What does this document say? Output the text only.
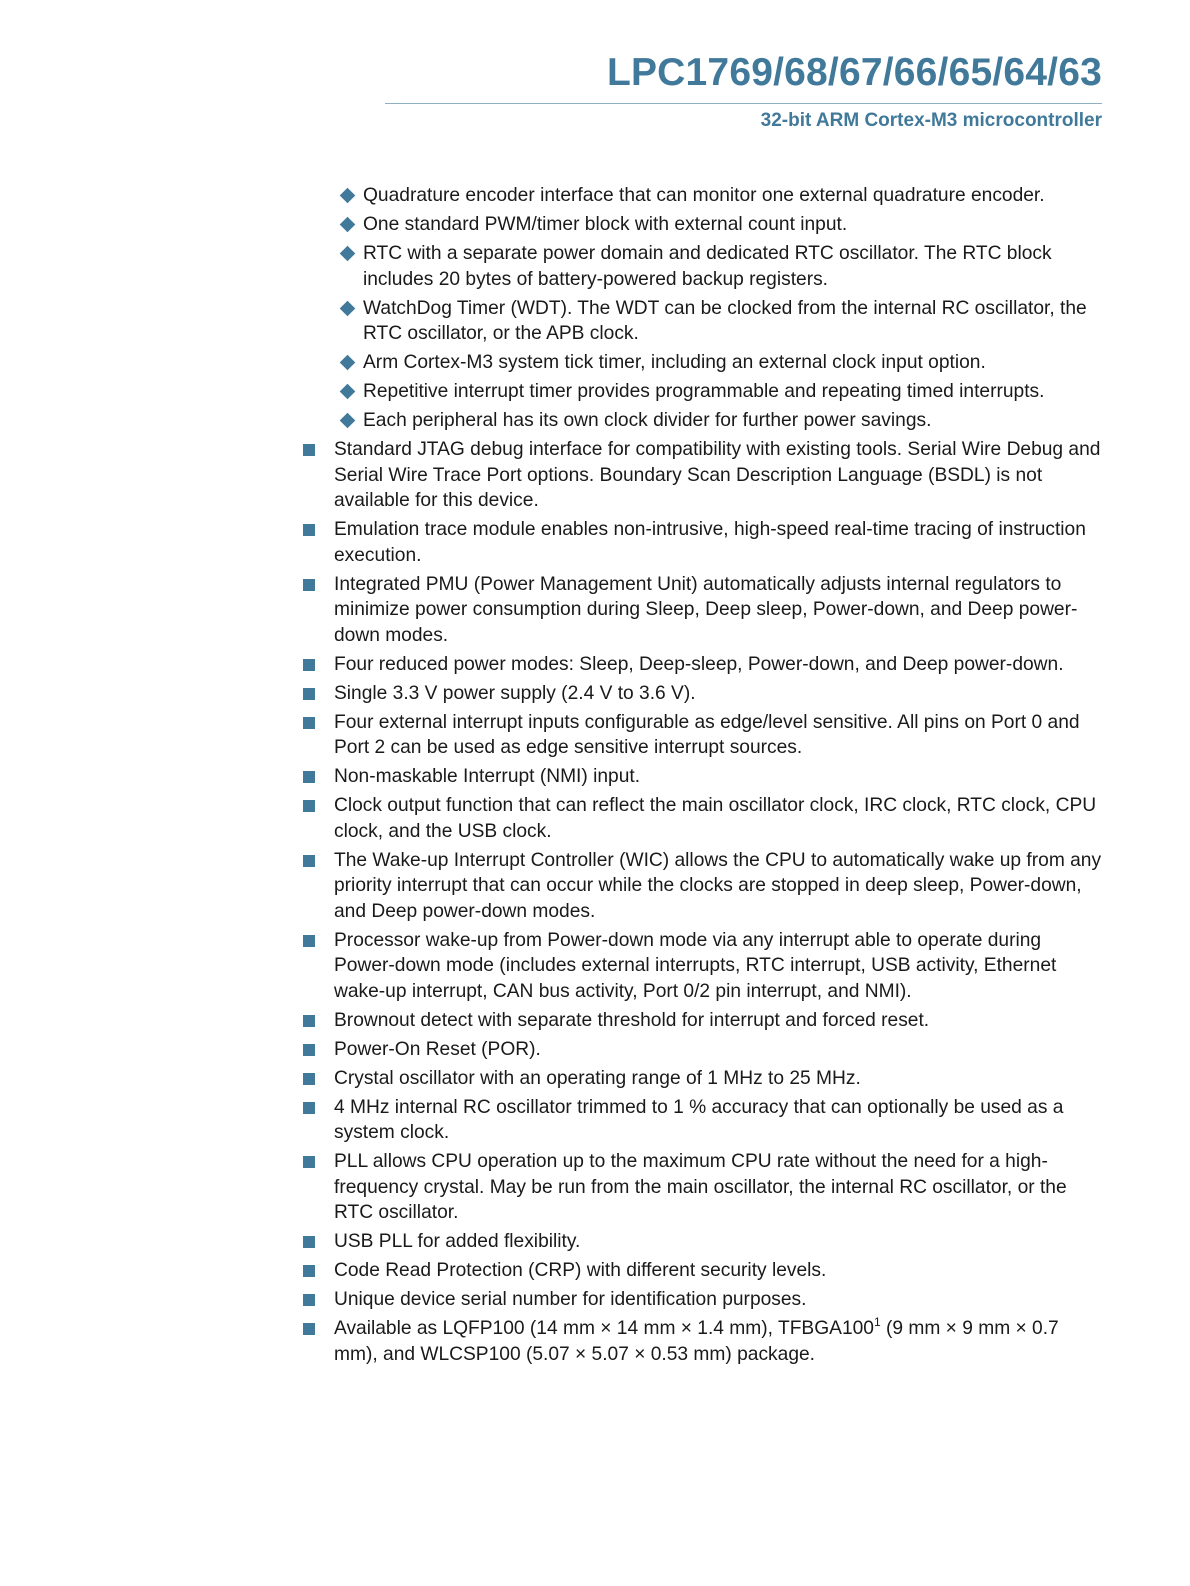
LPC1769/68/67/66/65/64/63
32-bit ARM Cortex-M3 microcontroller
Quadrature encoder interface that can monitor one external quadrature encoder.
One standard PWM/timer block with external count input.
RTC with a separate power domain and dedicated RTC oscillator. The RTC block includes 20 bytes of battery-powered backup registers.
WatchDog Timer (WDT). The WDT can be clocked from the internal RC oscillator, the RTC oscillator, or the APB clock.
Arm Cortex-M3 system tick timer, including an external clock input option.
Repetitive interrupt timer provides programmable and repeating timed interrupts.
Each peripheral has its own clock divider for further power savings.
Standard JTAG debug interface for compatibility with existing tools. Serial Wire Debug and Serial Wire Trace Port options. Boundary Scan Description Language (BSDL) is not available for this device.
Emulation trace module enables non-intrusive, high-speed real-time tracing of instruction execution.
Integrated PMU (Power Management Unit) automatically adjusts internal regulators to minimize power consumption during Sleep, Deep sleep, Power-down, and Deep power-down modes.
Four reduced power modes: Sleep, Deep-sleep, Power-down, and Deep power-down.
Single 3.3 V power supply (2.4 V to 3.6 V).
Four external interrupt inputs configurable as edge/level sensitive. All pins on Port 0 and Port 2 can be used as edge sensitive interrupt sources.
Non-maskable Interrupt (NMI) input.
Clock output function that can reflect the main oscillator clock, IRC clock, RTC clock, CPU clock, and the USB clock.
The Wake-up Interrupt Controller (WIC) allows the CPU to automatically wake up from any priority interrupt that can occur while the clocks are stopped in deep sleep, Power-down, and Deep power-down modes.
Processor wake-up from Power-down mode via any interrupt able to operate during Power-down mode (includes external interrupts, RTC interrupt, USB activity, Ethernet wake-up interrupt, CAN bus activity, Port 0/2 pin interrupt, and NMI).
Brownout detect with separate threshold for interrupt and forced reset.
Power-On Reset (POR).
Crystal oscillator with an operating range of 1 MHz to 25 MHz.
4 MHz internal RC oscillator trimmed to 1 % accuracy that can optionally be used as a system clock.
PLL allows CPU operation up to the maximum CPU rate without the need for a high-frequency crystal. May be run from the main oscillator, the internal RC oscillator, or the RTC oscillator.
USB PLL for added flexibility.
Code Read Protection (CRP) with different security levels.
Unique device serial number for identification purposes.
Available as LQFP100 (14 mm × 14 mm × 1.4 mm), $TFBGA100^1$ (9 mm × 9 mm × 0.7 mm), and WLCSP100 (5.07 × 5.07 × 0.53 mm) package.
